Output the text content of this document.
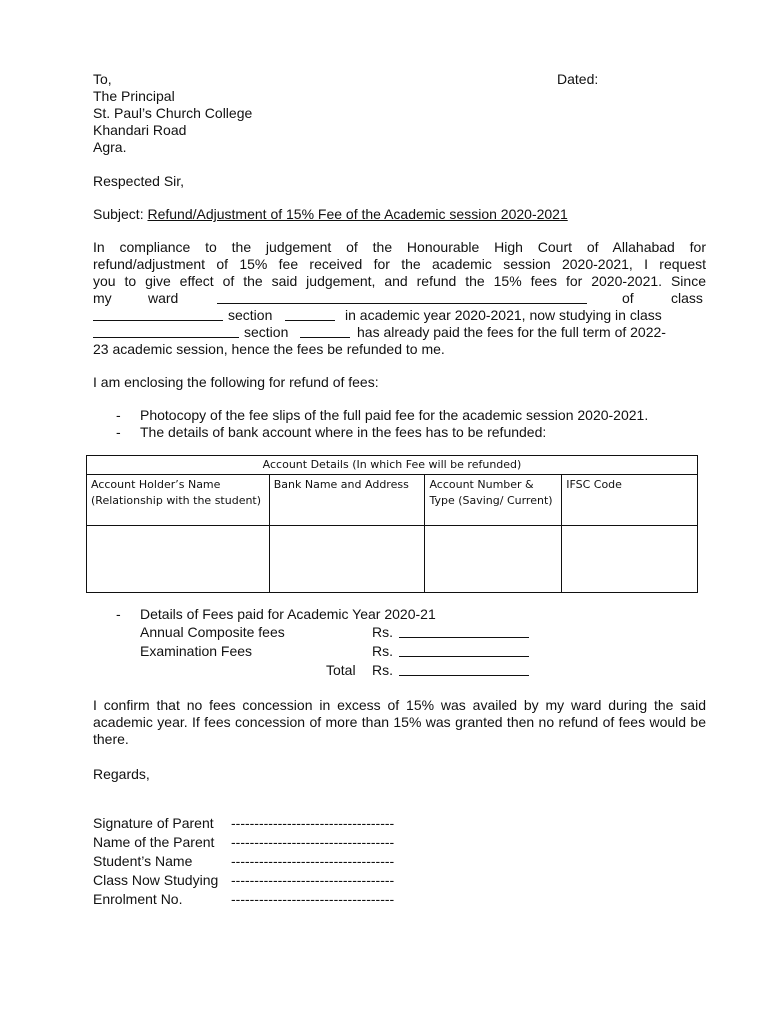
To,	Dated:
The Principal
St. Paul’s Church College
Khandari Road
Agra.
Respected Sir,
Subject: Refund/Adjustment of 15% Fee of the Academic session 2020-2021
In compliance to the judgement of the Honourable High Court of Allahabad for
refund/adjustment of 15% fee received for the academic session 2020-2021, I request
you to give effect of the said judgement, and refund the 15% fees for 2020-2021. Since
my	ward	of	class
section	in academic year 2020-2021, now studying in class
section	has already paid the fees for the full term of 2022-
23 academic session, hence the fees be refunded to me.
I am enclosing the following for refund of fees:
- Photocopy of the fee slips of the full paid fee for the academic session 2020-2021.
- The details of bank account where in the fees has to be refunded:
Account Details (In which Fee will be refunded)			
Account Holder’s Name (Relationship with the student)	Bank Name and Address	Account Number & Type (Saving/ Current)	IFSC Code

- Details of Fees paid for Academic Year 2020-21
Annual Composite fees	Rs.
Examination Fees	Rs.
Total Rs.
I confirm that no fees concession in excess of 15% was availed by my ward during the said academic year. If fees concession of more than 15% was granted then no refund of fees would be there.
Regards,
Signature of Parent -----------------------------------
Name of the Parent -----------------------------------
Student’s Name	-----------------------------------
Class Now Studying -----------------------------------
Enrolment No.	-----------------------------------
